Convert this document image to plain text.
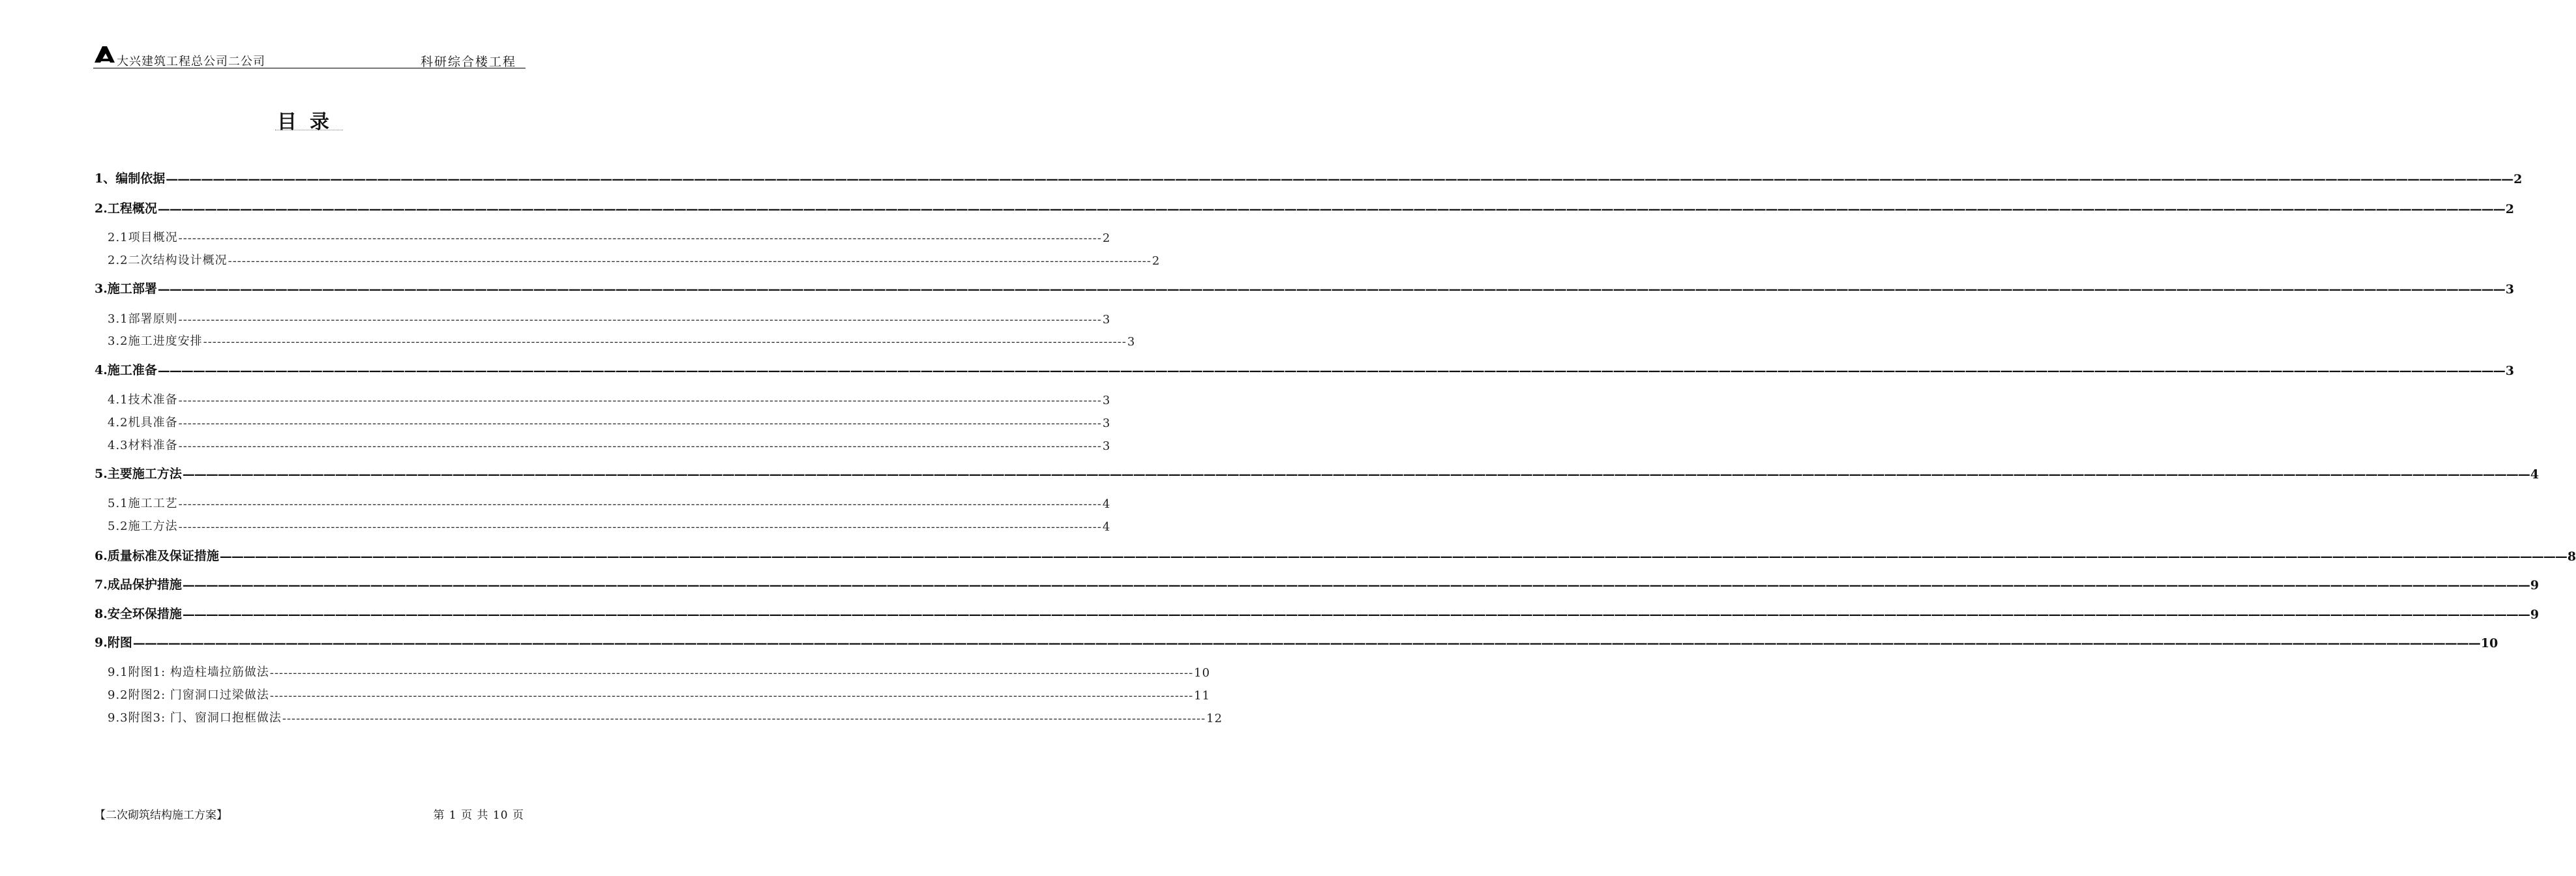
大兴建筑工程总公司二公司	科研综合楼工程
目录
1、编制依据 ———————————————————————————————————————————————————————————————————————————————————————————————————————————————————————————————————————————————————————————————————————————————————————————————————————— 2
2.工程概况 ———————————————————————————————————————————————————————————————————————————————————————————————————————————————————————————————————————————————————————————————————————————————————————————————————————— 2
2.1项目概况 -------------------------------------------------------------------------------------------------------------------------------------------------------------------------------------------------------- 2
2.2二次结构设计概况 -------------------------------------------------------------------------------------------------------------------------------------------------------------------------------------------------------- 2
3.施工部署 ———————————————————————————————————————————————————————————————————————————————————————————————————————————————————————————————————————————————————————————————————————————————————————————————————————— 3
3.1部署原则 -------------------------------------------------------------------------------------------------------------------------------------------------------------------------------------------------------- 3
3.2施工进度安排 -------------------------------------------------------------------------------------------------------------------------------------------------------------------------------------------------------- 3
4.施工准备 ———————————————————————————————————————————————————————————————————————————————————————————————————————————————————————————————————————————————————————————————————————————————————————————————————————— 3
4.1技术准备 -------------------------------------------------------------------------------------------------------------------------------------------------------------------------------------------------------- 3
4.2机具准备 -------------------------------------------------------------------------------------------------------------------------------------------------------------------------------------------------------- 3
4.3材料准备 -------------------------------------------------------------------------------------------------------------------------------------------------------------------------------------------------------- 3
5.主要施工方法 ———————————————————————————————————————————————————————————————————————————————————————————————————————————————————————————————————————————————————————————————————————————————————————————————————————— 4
5.1施工工艺 -------------------------------------------------------------------------------------------------------------------------------------------------------------------------------------------------------- 4
5.2施工方法 -------------------------------------------------------------------------------------------------------------------------------------------------------------------------------------------------------- 4
6.质量标准及保证措施 ———————————————————————————————————————————————————————————————————————————————————————————————————————————————————————————————————————————————————————————————————————————————————————————————————————— 8
7.成品保护措施 ———————————————————————————————————————————————————————————————————————————————————————————————————————————————————————————————————————————————————————————————————————————————————————————————————————— 9
8.安全环保措施 ———————————————————————————————————————————————————————————————————————————————————————————————————————————————————————————————————————————————————————————————————————————————————————————————————————— 9
9.附图 ———————————————————————————————————————————————————————————————————————————————————————————————————————————————————————————————————————————————————————————————————————————————————————————————————————— 10
9.1附图1: 构造柱墙拉筋做法 -------------------------------------------------------------------------------------------------------------------------------------------------------------------------------------------------------- 10
9.2附图2: 门窗洞口过梁做法 -------------------------------------------------------------------------------------------------------------------------------------------------------------------------------------------------------- 11
9.3附图3: 门、窗洞口抱框做法 -------------------------------------------------------------------------------------------------------------------------------------------------------------------------------------------------------- 12
【二次砌筑结构施工方案】	第 1 页 共 10 页
